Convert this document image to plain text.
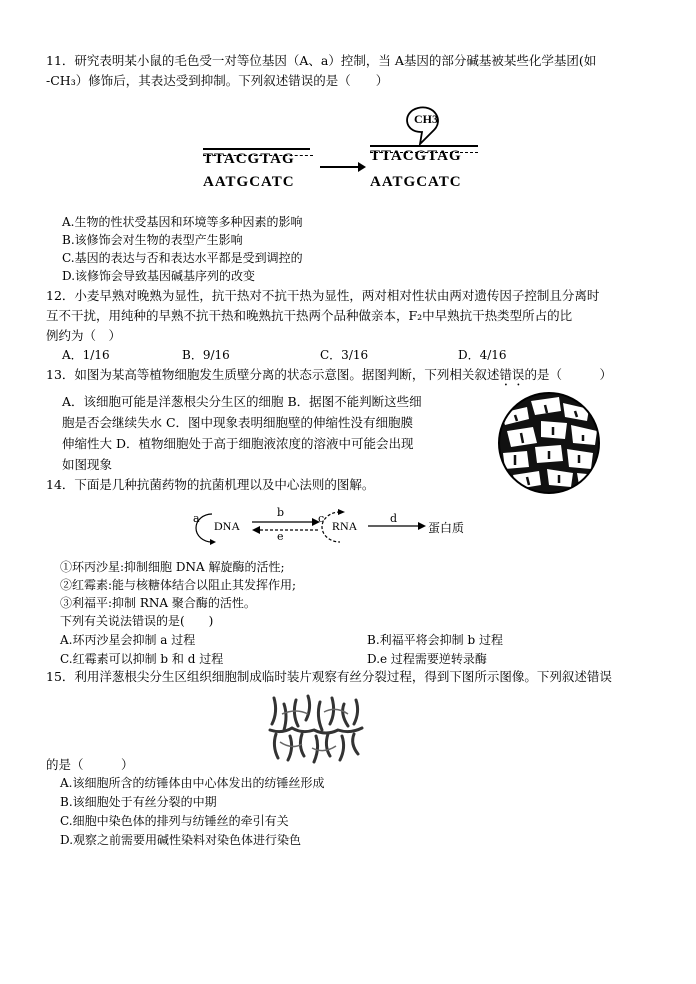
11．研究表明某小鼠的毛色受一对等位基因（A、a）控制，当 A基因的部分碱基被某些化学基团(如
-CH₃）修饰后，其表达受到抑制。下列叙述错误的是（　　）
TTACGTAG
AATGCATC
CH3
TTACGTAG
AATGCATC
A.生物的性状受基因和环境等多种因素的影响
B.该修饰会对生物的表型产生影响
C.基因的表达与否和表达水平都是受到调控的
D.该修饰会导致基因碱基序列的改变
12．小麦早熟对晚熟为显性，抗干热对不抗干热为显性，两对相对性状由两对遗传因子控制且分离时
互不干扰，用纯种的早熟不抗干热和晚熟抗干热两个品种做亲本，F₂中早熟抗干热类型所占的比
例约为（　）
A．1/16	B．9/16	C．3/16	D．4/16
13．如图为某高等植物细胞发生质壁分离的状态示意图。据图判断，下列相关叙述错误的是（　　　）
A．该细胞可能是洋葱根尖分生区的细胞 B．据图不能判断这些细
胞是否会继续失水 C．图中现象表明细胞壁的伸缩性没有细胞膜
伸缩性大 D．植物细胞处于高于细胞液浓度的溶液中可能会出现
如图现象
14．下面是几种抗菌药物的抗菌机理以及中心法则的图解。
a
DNA
b
e
c
RNA
d
蛋白质
①环丙沙星:抑制细胞 DNA 解旋酶的活性;
②红霉素:能与核糖体结合以阻止其发挥作用;
③利福平:抑制 RNA 聚合酶的活性。
下列有关说法错误的是(　　)
A.环丙沙星会抑制 a 过程	B.利福平将会抑制 b 过程
C.红霉素可以抑制 b 和 d 过程	D.e 过程需要逆转录酶
15．利用洋葱根尖分生区组织细胞制成临时装片观察有丝分裂过程，得到下图所示图像。下列叙述错误
的是（　　　）
A.该细胞所含的纺锤体由中心体发出的纺锤丝形成
B.该细胞处于有丝分裂的中期
C.细胞中染色体的排列与纺锤丝的牵引有关
D.观察之前需要用碱性染料对染色体进行染色
